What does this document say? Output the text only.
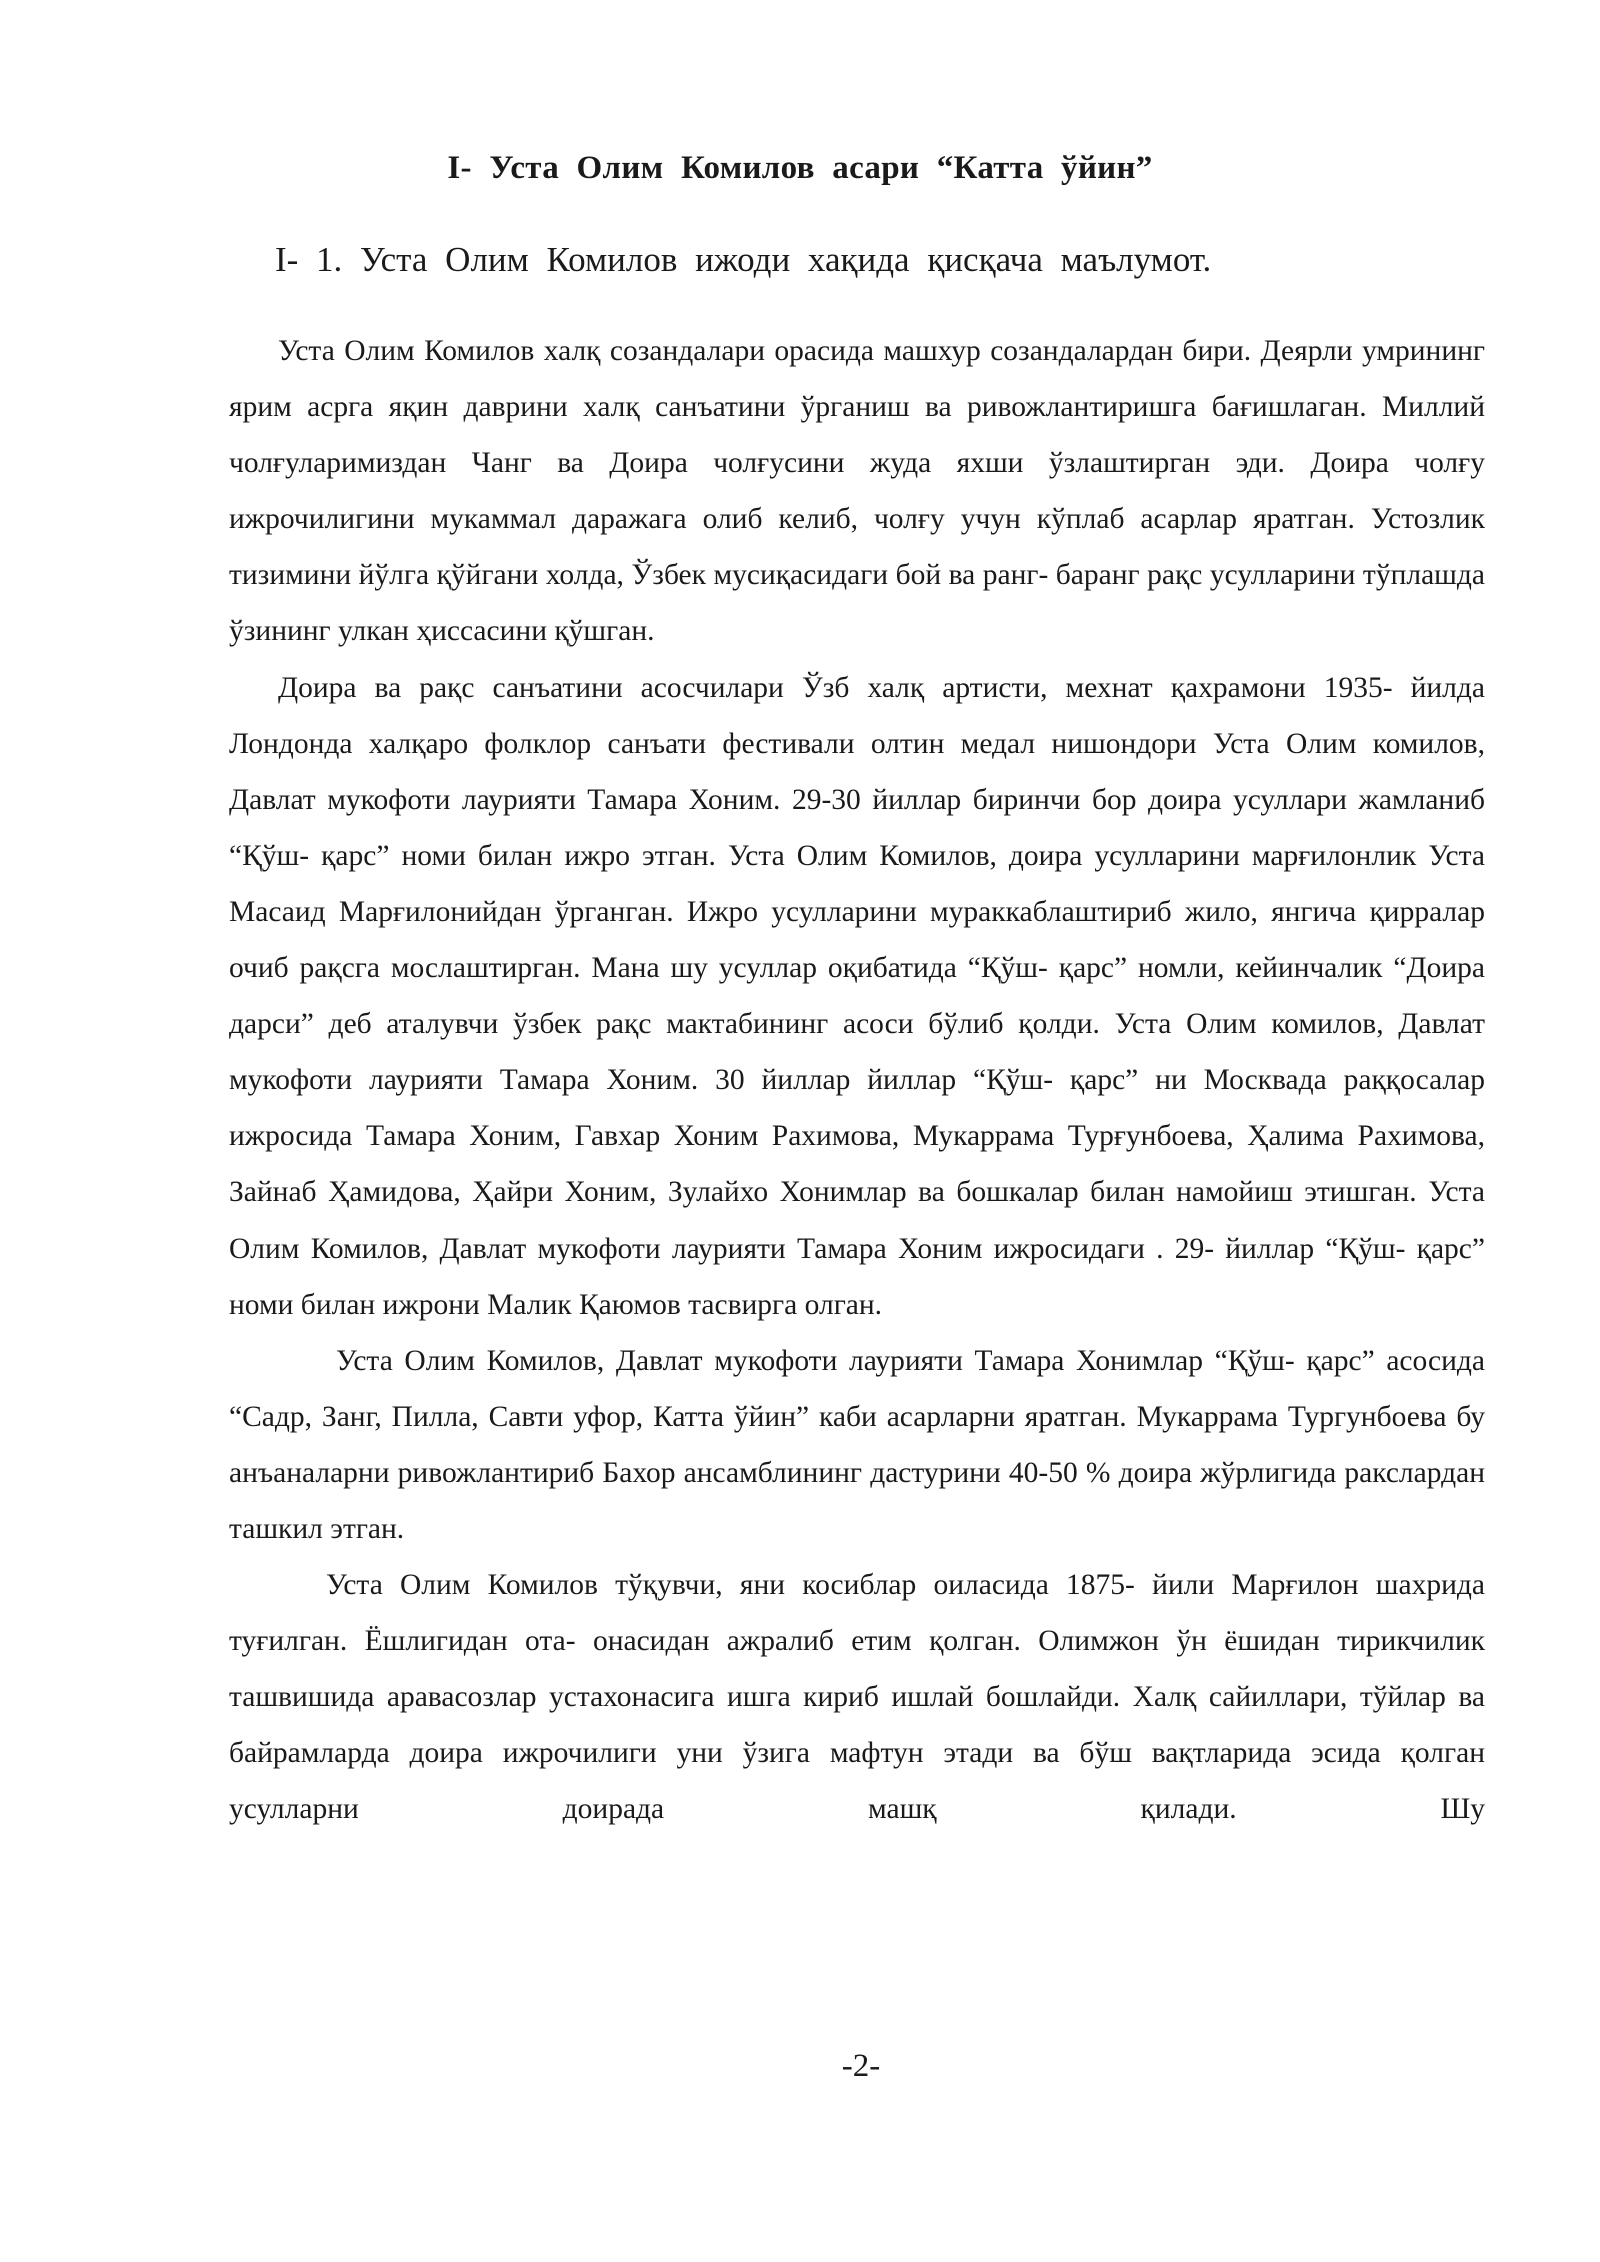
I- Уста Олим Комилов асари “Катта ўйин”
I- 1. Уста Олим Комилов ижоди хақида қисқача маълумот.

Уста Олим Комилов халқ созандалари орасида машхур созандалардан бири. Деярли умрининг ярим асрга яқин даврини халқ санъатини ўрганиш ва ривожлантиришга бағишлаган. Миллий чолғуларимиздан Чанг ва Доира чолғусини жуда яхши ўзлаштирган эди. Доира чолғу ижрочилигини мукаммал даражага олиб келиб, чолғу учун кўплаб асарлар яратган. Устозлик тизимини йўлга қўйгани холда, Ўзбек мусиқасидаги бой ва ранг- баранг рақс усулларини тўплашда ўзининг улкан ҳиссасини қўшган.

Доира ва рақс санъатини асосчилари Ўзб халқ артисти, мехнат қахрамони 1935- йилда Лондонда халқаро фолклор санъати фестивали олтин медал нишондори Уста Олим комилов, Давлат мукофоти лаурияти Тамара Хоним. 29-30 йиллар биринчи бор доира усуллари жамланиб “Қўш- қарс” номи билан ижро этган. Уста Олим Комилов, доира усулларини марғилонлик Уста Масаид Марғилонийдан ўрганган. Ижро усулларини мураккаблаштириб жило, янгича қирралар очиб рақсга мослаштирган. Мана шу усуллар оқибатида “Қўш- қарс” номли, кейинчалик “Доира дарси” деб аталувчи ўзбек рақс мактабининг асоси бўлиб қолди. Уста Олим комилов, Давлат мукофоти лаурияти Тамара Хоним. 30 йиллар йиллар “Қўш- қарс” ни Москвада рaққосалар ижросида Тамара Хоним, Гавхар Хоним Рахимова, Мукаррама Турғунбоева, Ҳалима Рахимова, Зайнаб Ҳамидова, Ҳайри Хоним, Зулайхо Хонимлар ва бошкалар билан намойиш этишган. Уста Олим Комилов, Давлат мукофоти лаурияти Тамара Хоним ижросидаги . 29- йиллар “Қўш- қарс” номи билан ижрони Малик Қаюмов тасвирга олган.

Уста Олим Комилов, Давлат мукофоти лаурияти Тамара Хонимлар “Қўш- қарс” асосида “Садр, Занг, Пилла, Савти уфор, Катта ўйин” каби асарларни яратган. Мукаррама Тургунбоева бу анъаналарни ривожлантириб Бахор ансамблининг дастурини 40-50 % доира жўрлигида ракслардан ташкил этган.

Уста Олим Комилов тўқувчи, яни косиблар оиласида 1875- йили Марғилон шахрида туғилган. Ёшлигидан ота- онасидан ажралиб етим қолган. Олимжон ўн ёшидан тирикчилик ташвишида аравасозлар устахонасига ишга кириб ишлай бошлайди. Халқ сайиллари, тўйлар ва байрамларда доира ижрочилиги уни ўзига мафтун этади ва бўш вақтларида эсида қолган усулларни доирада машқ қилади. Шу

-2-
